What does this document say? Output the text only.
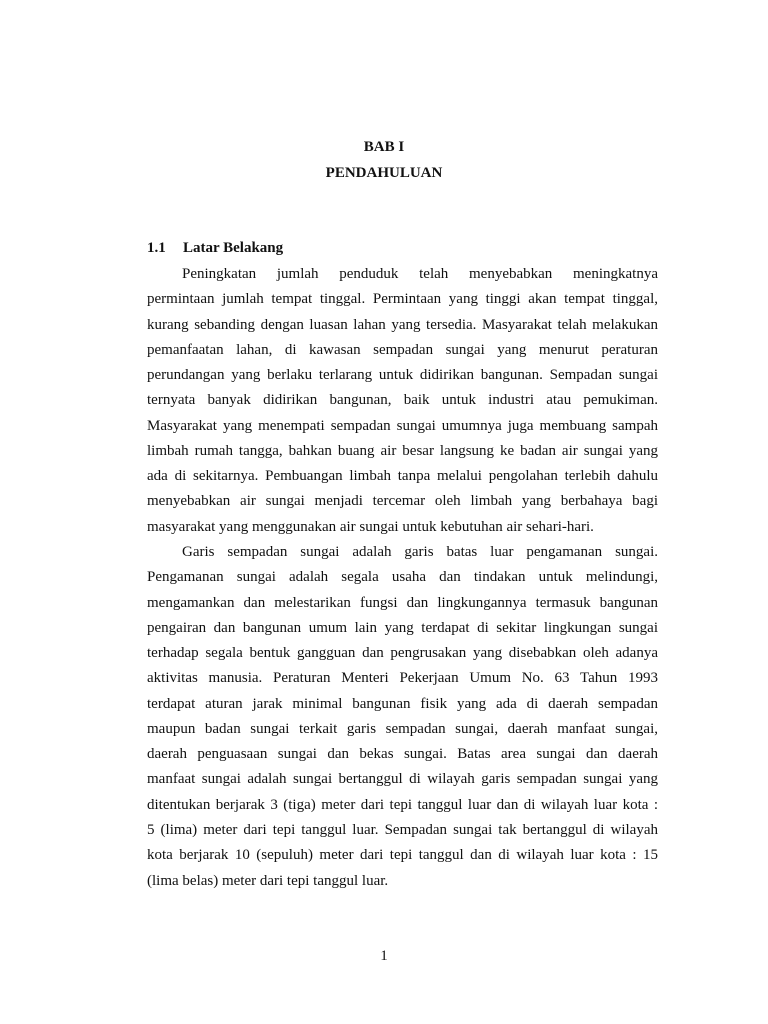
BAB I

PENDAHULUAN

1.1 Latar Belakang

Peningkatan jumlah penduduk telah menyebabkan meningkatnya
permintaan jumlah tempat tinggal. Permintaan yang tinggi akan tempat tinggal,
kurang sebanding dengan luasan lahan yang tersedia. Masyarakat telah melakukan
pemanfaatan lahan, di kawasan sempadan sungai yang menurut peraturan
perundangan yang berlaku terlarang untuk didirikan bangunan. Sempadan sungai
ternyata banyak didirikan bangunan, baik untuk industri atau pemukiman.
Masyarakat yang menempati sempadan sungai umumnya juga membuang sampah
limbah rumah tangga, bahkan buang air besar langsung ke badan air sungai yang
ada di sekitarnya. Pembuangan limbah tanpa melalui pengolahan terlebih dahulu
menyebabkan air sungai menjadi tercemar oleh limbah yang berbahaya bagi
masyarakat yang menggunakan air sungai untuk kebutuhan air sehari-hari.
Garis sempadan sungai adalah garis batas luar pengamanan sungai.
Pengamanan sungai adalah segala usaha dan tindakan untuk melindungi,
mengamankan dan melestarikan fungsi dan lingkungannya termasuk bangunan
pengairan dan bangunan umum lain yang terdapat di sekitar lingkungan sungai
terhadap segala bentuk gangguan dan pengrusakan yang disebabkan oleh adanya
aktivitas manusia. Peraturan Menteri Pekerjaan Umum No. 63 Tahun 1993
terdapat aturan jarak minimal bangunan fisik yang ada di daerah sempadan
maupun badan sungai terkait garis sempadan sungai, daerah manfaat sungai,
daerah penguasaan sungai dan bekas sungai. Batas area sungai dan daerah
manfaat sungai adalah sungai bertanggul di wilayah garis sempadan sungai yang
ditentukan berjarak 3 (tiga) meter dari tepi tanggul luar dan di wilayah luar kota :
5 (lima) meter dari tepi tanggul luar. Sempadan sungai tak bertanggul di wilayah
kota berjarak 10 (sepuluh) meter dari tepi tanggul dan di wilayah luar kota : 15
(lima belas) meter dari tepi tanggul luar.

1
